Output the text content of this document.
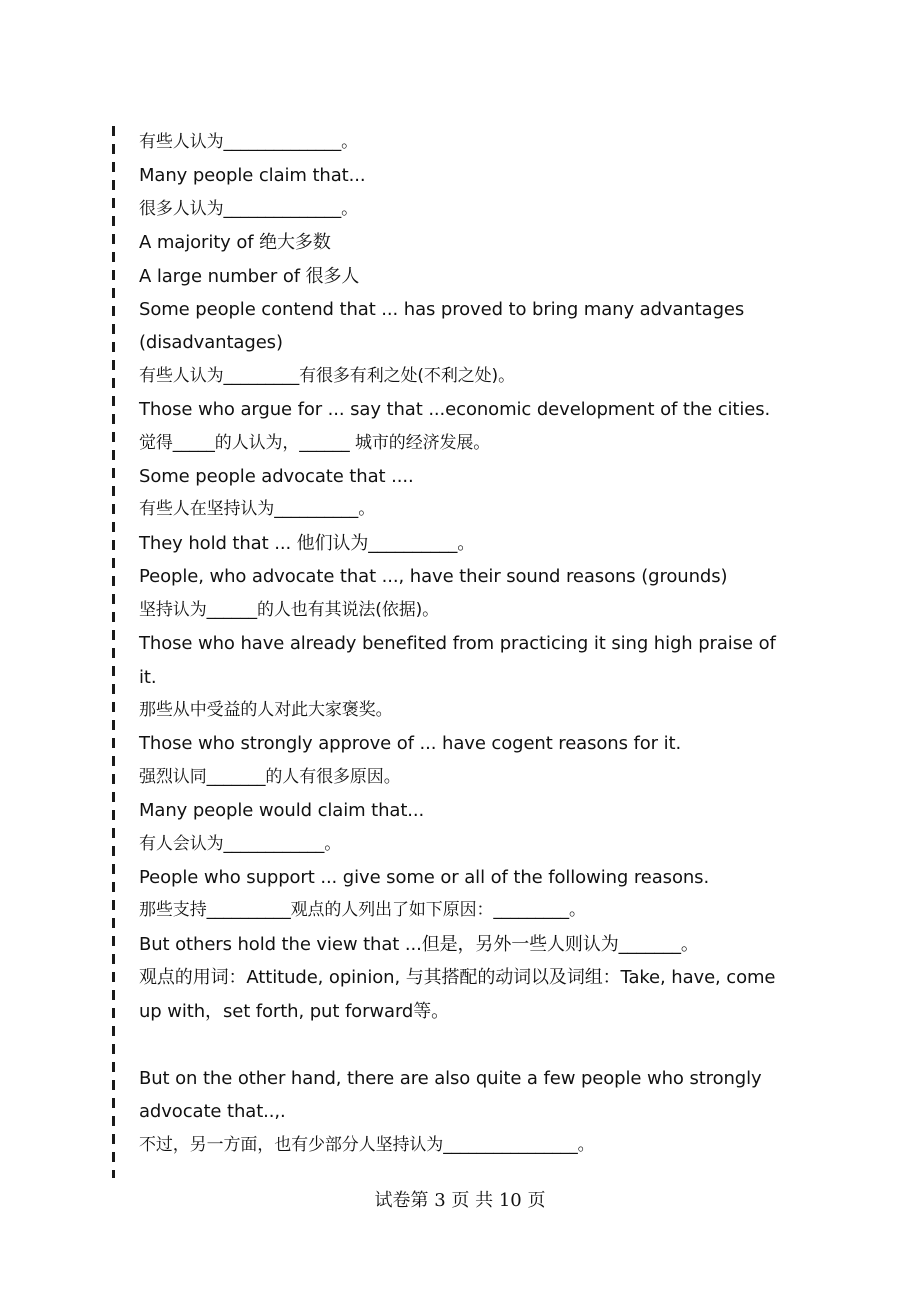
有些人认为______________。
Many people claim that...
很多人认为______________。
A majority of 绝大多数
A large number of 很多人
Some people contend that ... has proved to bring many advantages (disadvantages)
有些人认为_________有很多有利之处(不利之处)。
Those who argue for ... say that ...economic development of the cities.
觉得_____的人认为，______ 城市的经济发展。
Some people advocate that ....
有些人在坚持认为__________。
They hold that ... 他们认为__________。
People, who advocate that ..., have their sound reasons (grounds)
坚持认为______的人也有其说法(依据)。
Those who have already benefited from practicing it sing high praise of it.
那些从中受益的人对此大家褒奖。
Those who strongly approve of ... have cogent reasons for it.
强烈认同_______的人有很多原因。
Many people would claim that...
有人会认为____________。
People who support ... give some or all of the following reasons.
那些支持__________观点的人列出了如下原因：_________。
But others hold the view that ...但是，另外一些人则认为_______。
观点的用词：Attitude, opinion, 与其搭配的动词以及词组：Take, have, come up with，set forth, put forward等。
But on the other hand, there are also quite a few people who strongly advocate that..,.
不过，另一方面，也有少部分人坚持认为________________。
试卷第 3 页 共 10 页
